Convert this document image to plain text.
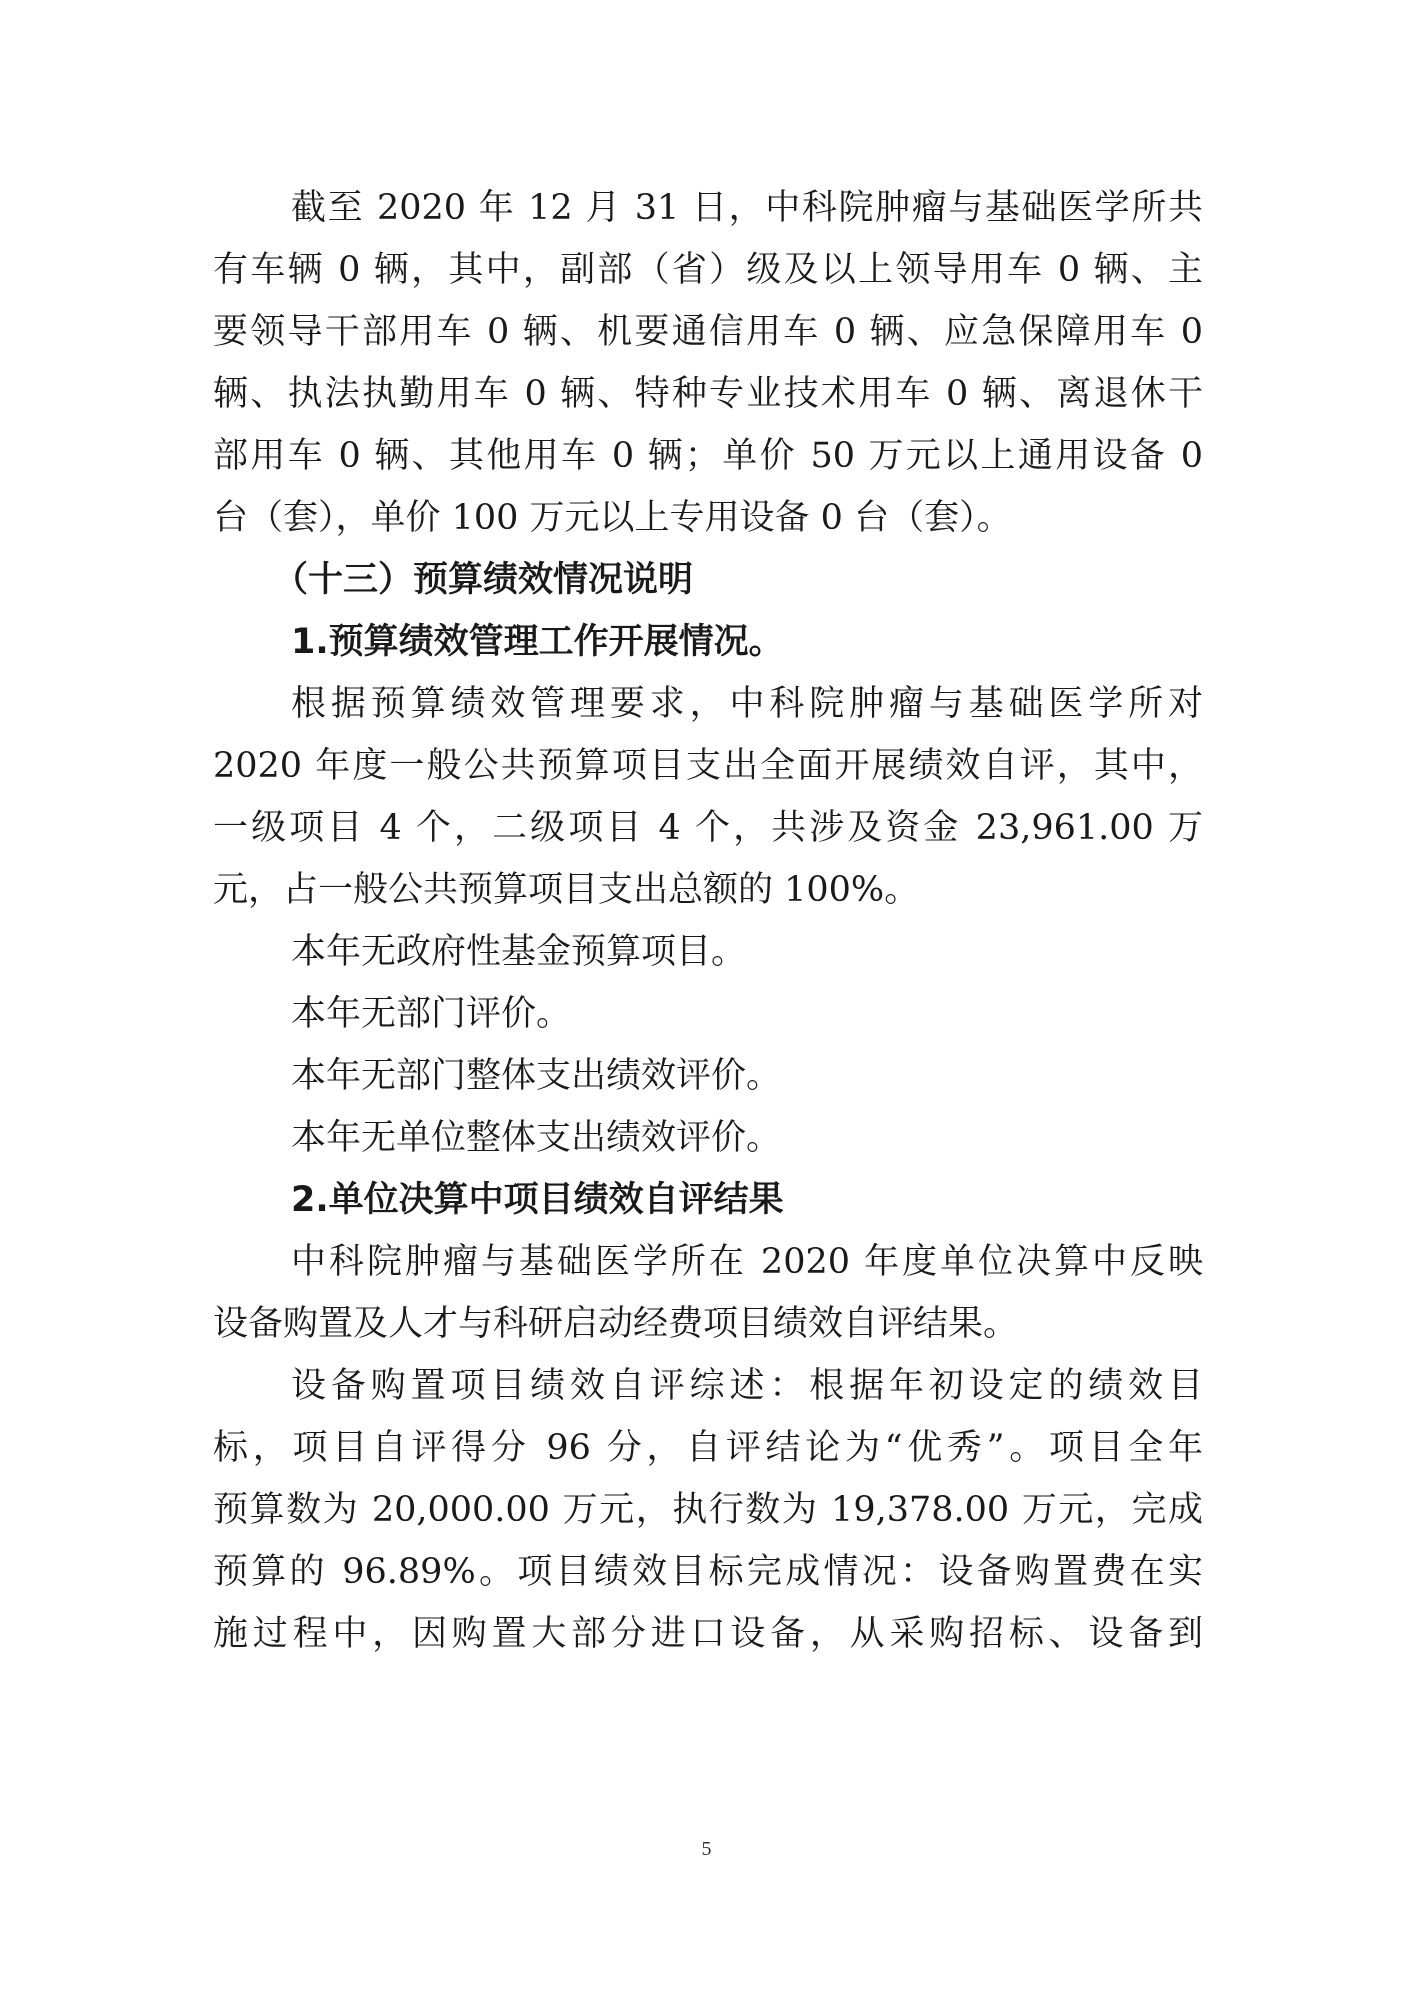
截至 2020 年 12 月 31 日，中科院肿瘤与基础医学所共
有车辆 0 辆，其中，副部（省）级及以上领导用车 0 辆、主
要领导干部用车 0 辆、机要通信用车 0 辆、应急保障用车 0
辆、执法执勤用车 0 辆、特种专业技术用车 0 辆、离退休干
部用车 0 辆、其他用车 0 辆；单价 50 万元以上通用设备 0
台（套），单价 100 万元以上专用设备 0 台（套）。
（十三）预算绩效情况说明
1.预算绩效管理工作开展情况。
根据预算绩效管理要求，中科院肿瘤与基础医学所对
2020 年度一般公共预算项目支出全面开展绩效自评，其中，
一级项目 4 个，二级项目 4 个，共涉及资金 23,961.00 万
元，占一般公共预算项目支出总额的 100%。
本年无政府性基金预算项目。
本年无部门评价。
本年无部门整体支出绩效评价。
本年无单位整体支出绩效评价。
2.单位决算中项目绩效自评结果
中科院肿瘤与基础医学所在 2020 年度单位决算中反映
设备购置及人才与科研启动经费项目绩效自评结果。
设备购置项目绩效自评综述：根据年初设定的绩效目
标，项目自评得分 96 分，自评结论为“优秀”。项目全年
预算数为 20,000.00 万元，执行数为 19,378.00 万元，完成
预算的 96.89%。项目绩效目标完成情况：设备购置费在实
施过程中，因购置大部分进口设备，从采购招标、设备到
5
